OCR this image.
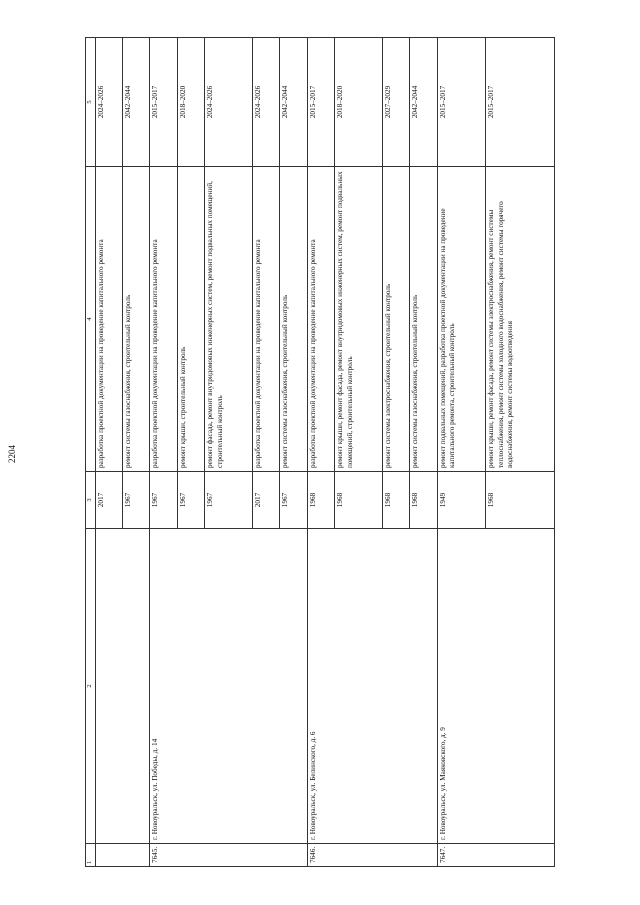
2204
1	2	3	4	5
		2017	разработка проектной документации на проведение капитального ремонта	2024–2026
		1967	ремонт системы газоснабжения, строительный контроль	2042–2044
7645.	г. Новоуральск, ул. Победы, д. 14	1967	разработка проектной документации на проведение капитального ремонта	2015–2017
		1967	ремонт крыши, строительный контроль	2018–2020
		1967	ремонт фасада, ремонт внутридомовых инженерных систем, ремонт подвальных помещений, строительный контроль	2024–2026
		2017	разработка проектной документации на проведение капитального ремонта	2024–2026
		1967	ремонт системы газоснабжения, строительный контроль	2042–2044
7646.	г. Новоуральск, ул. Белинского, д. 6	1968	разработка проектной документации на проведение капитального ремонта	2015–2017
		1968	ремонт крыши, ремонт фасада, ремонт внутридомовых инженерных систем, ремонт подвальных помещений, строительный контроль	2018–2020
		1968	ремонт системы электроснабжения, строительный контроль	2027–2029
		1968	ремонт системы газоснабжения, строительный контроль	2042–2044
7647.	г. Новоуральск, ул. Маяковского, д. 9	1949	ремонт подвальных помещений, разработка проектной документации на проведение капитального ремонта, строительный контроль	2015–2017
		1968	ремонт крыши, ремонт фасада, ремонт системы электроснабжения, ремонт системы теплоснабжения, ремонт системы холодного водоснабжения, ремонт системы горячего водоснабжения, ремонт системы водоотведения	2015–2017
